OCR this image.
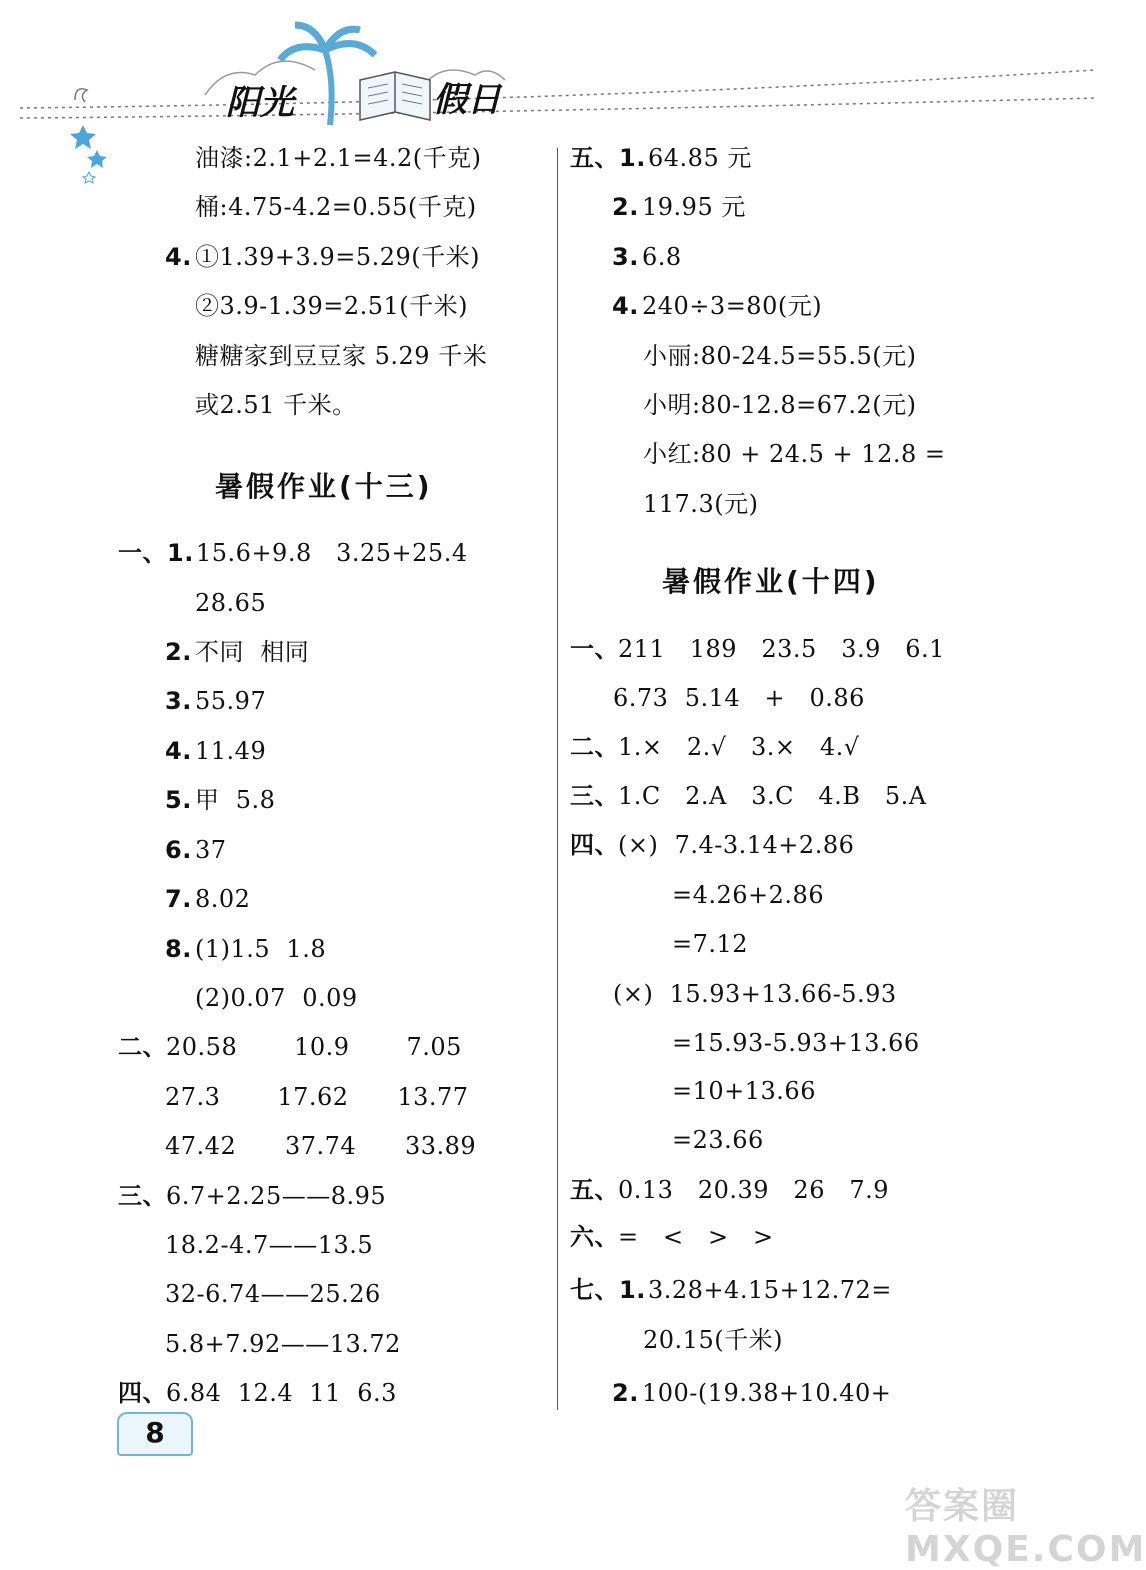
阳光	假日
油漆:2.1+2.1=4.2(千克)
桶:4.75-4.2=0.55(千克)
4. ①1.39+3.9=5.29(千米)
②3.9-1.39=2.51(千米)
糖糖家到豆豆家 5.29 千米
或2.51 千米。
暑假作业(十三)
一、1. 15.6+9.8   3.25+25.4
28.65
2. 不同  相同
3. 55.97
4. 11.49
5. 甲  5.8
6. 37
7. 8.02
8. (1)1.5  1.8
(2)0.07  0.09
二、 20.58       10.9       7.05
27.3       17.62      13.77
47.42      37.74      33.89
三、 6.7+2.25——8.95
18.2-4.7——13.5
32-6.74——25.26
5.8+7.92——13.72
四、 6.84  12.4  11  6.3
五、1. 64.85 元
2. 19.95 元
3. 6.8
4. 240÷3=80(元)
小丽:80-24.5=55.5(元)
小明:80-12.8=67.2(元)
小红:80 + 24.5 + 12.8 =
117.3(元)
暑假作业(十四)
一、 211   189   23.5   3.9   6.1
6.73  5.14   +   0.86
二、 1.×   2.√   3.×   4.√
三、 1.C   2.A   3.C   4.B   5.A
四、 (×)  7.4-3.14+2.86
=4.26+2.86
=7.12
(×)  15.93+13.66-5.93
=15.93-5.93+13.66
=10+13.66
=23.66
五、 0.13   20.39   26   7.9
六、 =   <   >   >
七、1. 3.28+4.15+12.72=
20.15(千米)
2. 100-(19.38+10.40+
8
答案圈 MXQE.COM
